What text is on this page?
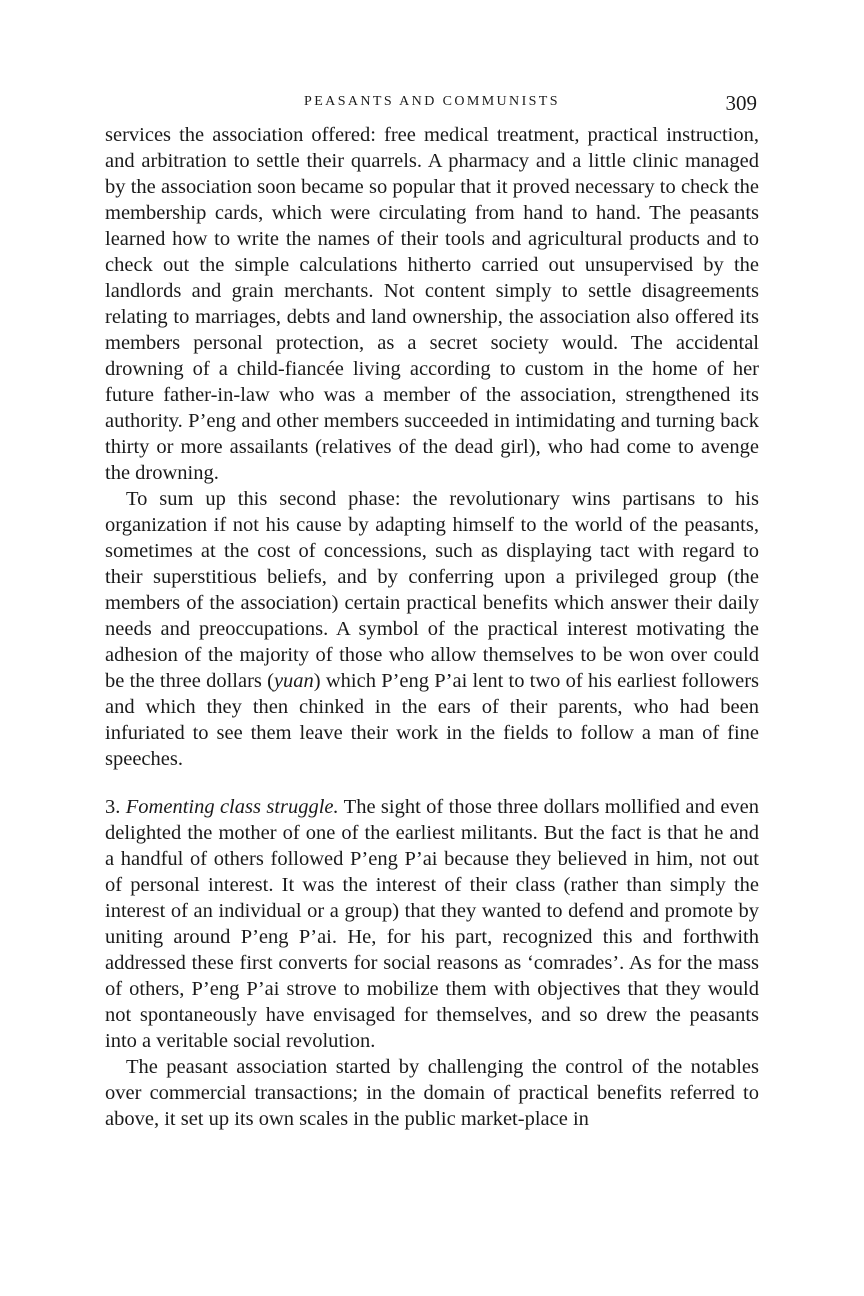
PEASANTS AND COMMUNISTS	309

services the association offered: free medical treatment, practical instruction, and arbitration to settle their quarrels. A pharmacy and a little clinic managed by the association soon became so popular that it proved necessary to check the membership cards, which were circulating from hand to hand. The peasants learned how to write the names of their tools and agricultural products and to check out the simple calculations hitherto carried out unsupervised by the landlords and grain merchants. Not content simply to settle disagreements relating to marriages, debts and land ownership, the association also offered its members personal protection, as a secret society would. The accidental drowning of a child-fiancée living according to custom in the home of her future father-in-law who was a member of the association, strengthened its authority. P’eng and other members succeeded in intimidating and turning back thirty or more assailants (relatives of the dead girl), who had come to avenge the drowning.

To sum up this second phase: the revolutionary wins partisans to his organization if not his cause by adapting himself to the world of the peasants, sometimes at the cost of concessions, such as displaying tact with regard to their superstitious beliefs, and by conferring upon a privileged group (the members of the association) certain practical benefits which answer their daily needs and preoccupations. A symbol of the practical interest motivating the adhesion of the majority of those who allow themselves to be won over could be the three dollars (yuan) which P’eng P’ai lent to two of his earliest followers and which they then chinked in the ears of their parents, who had been infuriated to see them leave their work in the fields to follow a man of fine speeches.

3. Fomenting class struggle. The sight of those three dollars mollified and even delighted the mother of one of the earliest militants. But the fact is that he and a handful of others followed P’eng P’ai because they believed in him, not out of personal interest. It was the interest of their class (rather than simply the interest of an individual or a group) that they wanted to defend and promote by uniting around P’eng P’ai. He, for his part, recognized this and forthwith addressed these first converts for social reasons as ‘comrades’. As for the mass of others, P’eng P’ai strove to mobilize them with objectives that they would not spontaneously have envisaged for themselves, and so drew the peasants into a veritable social revolution.

The peasant association started by challenging the control of the notables over commercial transactions; in the domain of practical benefits referred to above, it set up its own scales in the public market-place in
